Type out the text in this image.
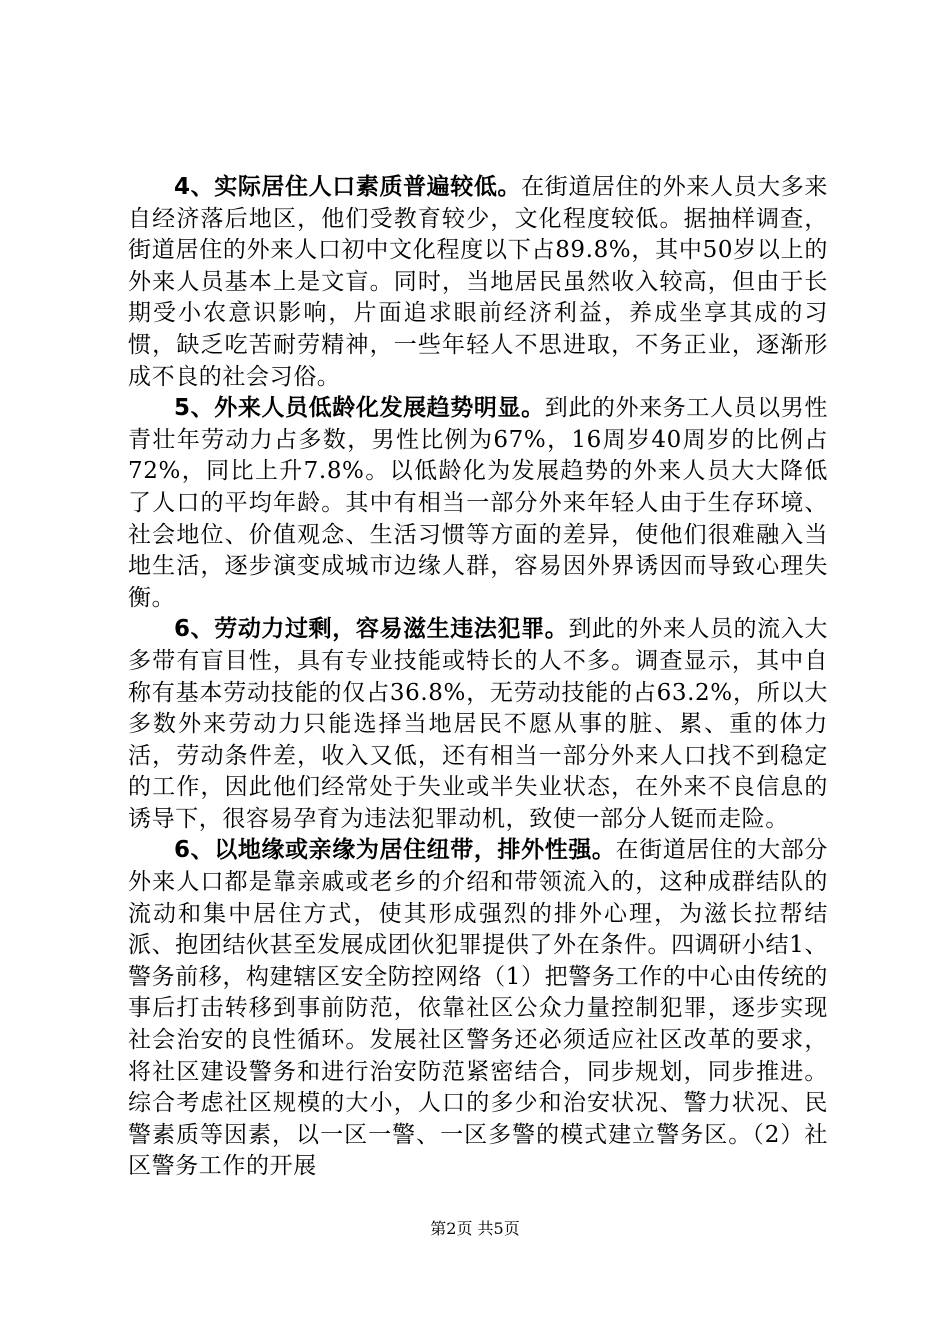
4、实际居住人口素质普遍较低。在街道居住的外来人员大多来自经济落后地区，他们受教育较少，文化程度较低。据抽样调查，街道居住的外来人口初中文化程度以下占89.8%，其中50岁以上的外来人员基本上是文盲。同时，当地居民虽然收入较高，但由于长期受小农意识影响，片面追求眼前经济利益，养成坐享其成的习惯，缺乏吃苦耐劳精神，一些年轻人不思进取，不务正业，逐渐形成不良的社会习俗。

5、外来人员低龄化发展趋势明显。到此的外来务工人员以男性青壮年劳动力占多数，男性比例为67%，16周岁40周岁的比例占72%，同比上升7.8%。以低龄化为发展趋势的外来人员大大降低了人口的平均年龄。其中有相当一部分外来年轻人由于生存环境、社会地位、价值观念、生活习惯等方面的差异，使他们很难融入当地生活，逐步演变成城市边缘人群，容易因外界诱因而导致心理失衡。

6、劳动力过剩，容易滋生违法犯罪。到此的外来人员的流入大多带有盲目性，具有专业技能或特长的人不多。调查显示，其中自称有基本劳动技能的仅占36.8%，无劳动技能的占63.2%，所以大多数外来劳动力只能选择当地居民不愿从事的脏、累、重的体力活，劳动条件差，收入又低，还有相当一部分外来人口找不到稳定的工作，因此他们经常处于失业或半失业状态，在外来不良信息的诱导下，很容易孕育为违法犯罪动机，致使一部分人铤而走险。

6、以地缘或亲缘为居住纽带，排外性强。在街道居住的大部分外来人口都是靠亲戚或老乡的介绍和带领流入的，这种成群结队的流动和集中居住方式，使其形成强烈的排外心理，为滋长拉帮结派、抱团结伙甚至发展成团伙犯罪提供了外在条件。四调研小结1、警务前移，构建辖区安全防控网络（1）把警务工作的中心由传统的事后打击转移到事前防范，依靠社区公众力量控制犯罪，逐步实现社会治安的良性循环。发展社区警务还必须适应社区改革的要求，将社区建设警务和进行治安防范紧密结合，同步规划，同步推进。综合考虑社区规模的大小，人口的多少和治安状况、警力状况、民警素质等因素，以一区一警、一区多警的模式建立警务区。（2）社区警务工作的开展

第2页 共5页
